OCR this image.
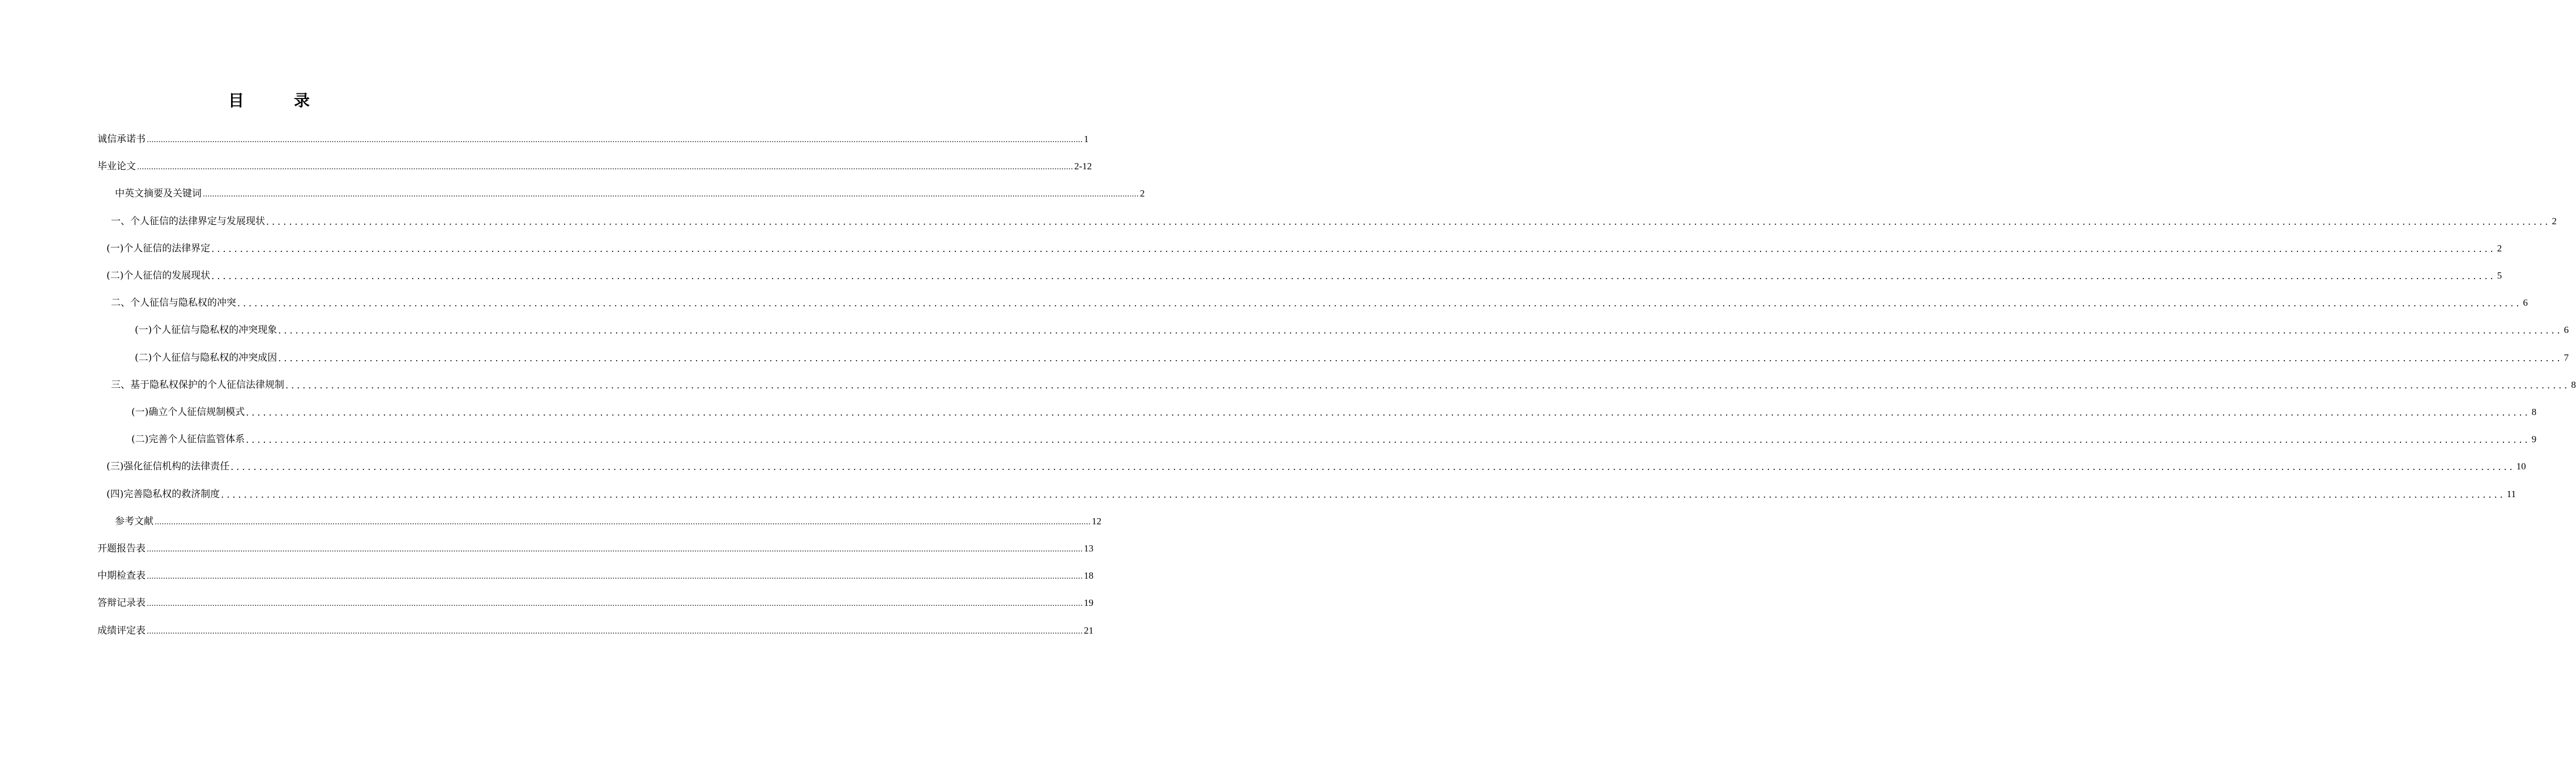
目　录
诚信承诺书 ................................................................................................................................................................................................................................................................................................................................................................................................................ 1
毕业论文 ................................................................................................................................................................................................................................................................................................................................................................................................................ 2-12
中英文摘要及关键词 ................................................................................................................................................................................................................................................................................................................................................................................................................ 2
一、个人征信的法律界定与发展现状 ................................................................................................................................................................................................................................................................................................................................................................................................................ 2
(一)个人征信的法律界定 ................................................................................................................................................................................................................................................................................................................................................................................................................ 2
(二)个人征信的发展现状 ................................................................................................................................................................................................................................................................................................................................................................................................................ 5
二、个人征信与隐私权的冲突 ................................................................................................................................................................................................................................................................................................................................................................................................................ 6
(一)个人征信与隐私权的冲突现象 ................................................................................................................................................................................................................................................................................................................................................................................................................ 6
(二)个人征信与隐私权的冲突成因 ................................................................................................................................................................................................................................................................................................................................................................................................................ 7
三、基于隐私权保护的个人征信法律规制 ................................................................................................................................................................................................................................................................................................................................................................................................................ 8
(一)确立个人征信规制模式 ................................................................................................................................................................................................................................................................................................................................................................................................................ 8
(二)完善个人征信监管体系 ................................................................................................................................................................................................................................................................................................................................................................................................................ 9
(三)强化征信机构的法律责任 ................................................................................................................................................................................................................................................................................................................................................................................................................ 10
(四)完善隐私权的救济制度 ................................................................................................................................................................................................................................................................................................................................................................................................................ 11
参考文献 ................................................................................................................................................................................................................................................................................................................................................................................................................ 12
开题报告表 ................................................................................................................................................................................................................................................................................................................................................................................................................ 13
中期检查表 ................................................................................................................................................................................................................................................................................................................................................................................................................ 18
答辩记录表 ................................................................................................................................................................................................................................................................................................................................................................................................................ 19
成绩评定表 ................................................................................................................................................................................................................................................................................................................................................................................................................ 21
